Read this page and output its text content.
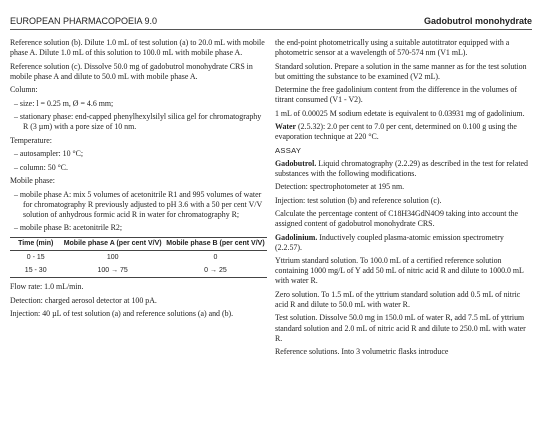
EUROPEAN PHARMACOPOEIA 9.0	Gadobutrol monohydrate

Reference solution (b). Dilute 1.0 mL of test solution (a) to 20.0 mL with mobile phase A. Dilute 1.0 mL of this solution to 100.0 mL with mobile phase A.

Reference solution (c). Dissolve 50.0 mg of gadobutrol monohydrate CRS in mobile phase A and dilute to 50.0 mL with mobile phase A.

Column:

– size: l = 0.25 m, Ø = 4.6 mm;

– stationary phase: end-capped phenylhexylsilyl silica gel for chromatography R (3 µm) with a pore size of 10 nm.

Temperature:

– autosampler: 10 °C;

– column: 50 °C.

Mobile phase:

– mobile phase A: mix 5 volumes of acetonitrile R1 and 995 volumes of water for chromatography R previously adjusted to pH 3.6 with a 50 per cent V/V solution of anhydrous formic acid R in water for chromatography R;

– mobile phase B: acetonitrile R2;

Time (min)	Mobile phase A (per cent V/V)	Mobile phase B (per cent V/V)
0 - 15	100	0
15 - 30	100 → 75	0 → 25

Flow rate: 1.0 mL/min.

Detection: charged aerosol detector at 100 pA.

Injection: 40 µL of test solution (a) and reference solutions (a) and (b).

the end-point photometrically using a suitable autotitrator equipped with a photometric sensor at a wavelength of 570-574 nm (V1 mL).

Standard solution. Prepare a solution in the same manner as for the test solution but omitting the substance to be examined (V2 mL).

Determine the free gadolinium content from the difference in the volumes of titrant consumed (V1 - V2).

1 mL of 0.00025 M sodium edetate is equivalent to 0.03931 mg of gadolinium.

Water (2.5.32): 2.0 per cent to 7.0 per cent, determined on 0.100 g using the evaporation technique at 220 °C.

ASSAY

Gadobutrol. Liquid chromatography (2.2.29) as described in the test for related substances with the following modifications.

Detection: spectrophotometer at 195 nm.

Injection: test solution (b) and reference solution (c).

Calculate the percentage content of C18H34GdN4O9 taking into account the assigned content of gadobutrol monohydrate CRS.

Gadolinium. Inductively coupled plasma-atomic emission spectrometry (2.2.57).

Yttrium standard solution. To 100.0 mL of a certified reference solution containing 1000 mg/L of Y add 50 mL of nitric acid R and dilute to 1000.0 mL with water R.

Zero solution. To 1.5 mL of the yttrium standard solution add 0.5 mL of nitric acid R and dilute to 50.0 mL with water R.

Test solution. Dissolve 50.0 mg in 150.0 mL of water R, add 7.5 mL of yttrium standard solution and 2.0 mL of nitric acid R and dilute to 250.0 mL with water R.

Reference solutions. Into 3 volumetric flasks introduce
